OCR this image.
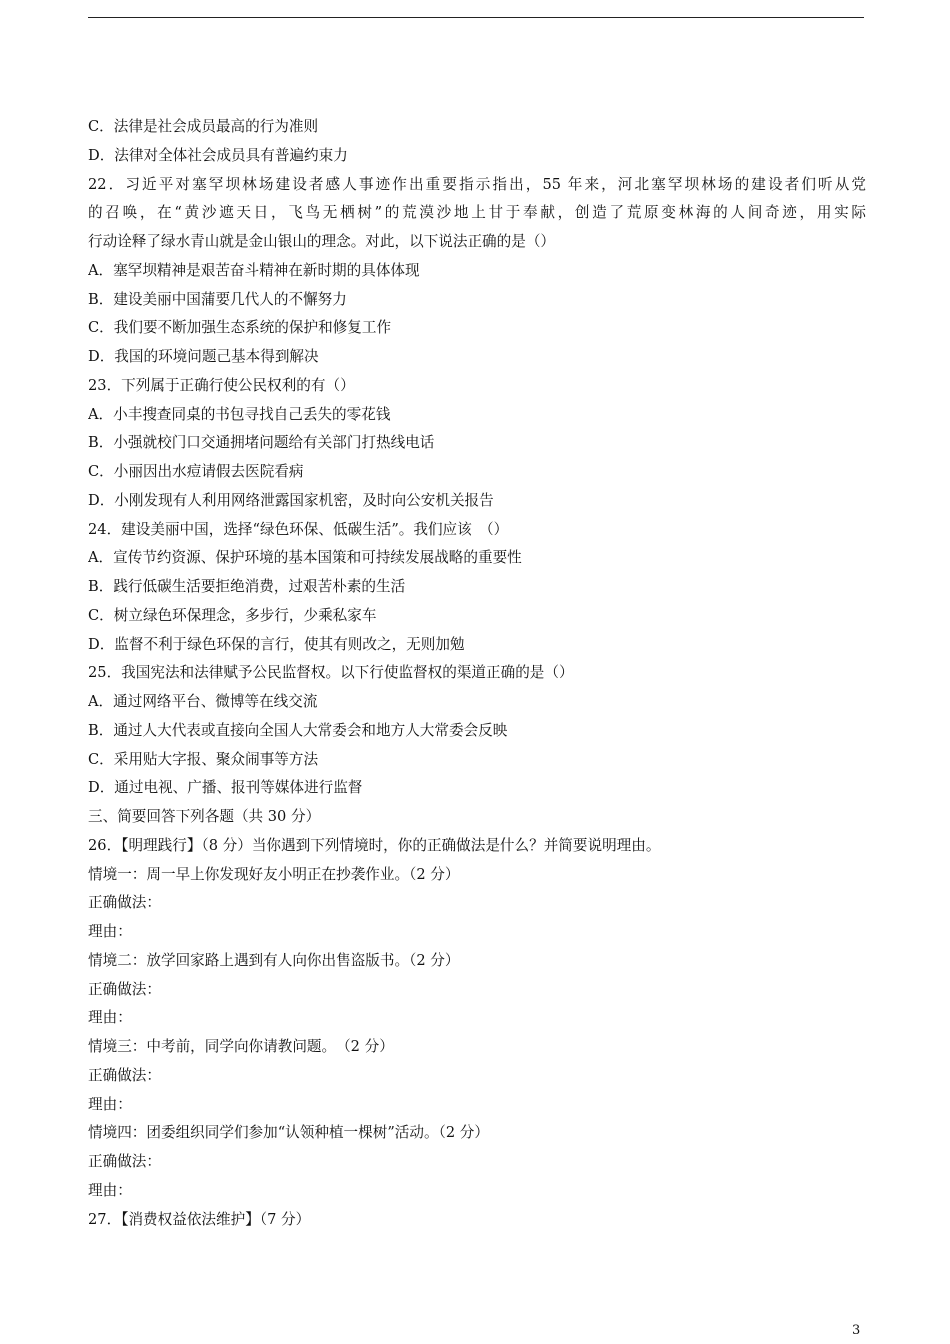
C．法律是社会成员最高的行为准则
D．法律对全体社会成员具有普遍约束力
22．习近平对塞罕坝林场建设者感人事迹作出重要指示指出，55 年来，河北塞罕坝林场的建设者们听从党
的召唤，在“黄沙遮天日，飞鸟无栖树”的荒漠沙地上甘于奉献，创造了荒原变林海的人间奇迹，用实际
行动诠释了绿水青山就是金山银山的理念。对此，以下说法正确的是（）
A．塞罕坝精神是艰苦奋斗精神在新时期的具体体现
B．建设美丽中国蒲要几代人的不懈努力
C．我们要不断加强生态系统的保护和修复工作
D．我国的环境问题己基本得到解决
23．下列属于正确行使公民权利的有（）
A．小丰搜查同桌的书包寻找自己丢失的零花钱
B．小强就校门口交通拥堵问题给有关部门打热线电话
C．小丽因出水痘请假去医院看病
D．小刚发现有人利用网络泄露国家机密，及时向公安机关报告
24．建设美丽中国，选择“绿色环保、低碳生活”。我们应该　（）
A．宣传节约资源、保护环境的基本国策和可持续发展战略的重要性
B．践行低碳生活要拒绝消费，过艰苦朴素的生活
C．树立绿色环保理念，多步行，少乘私家车
D．监督不利于绿色环保的言行，使其有则改之，无则加勉
25．我国宪法和法律赋予公民监督权。以下行使监督权的渠道正确的是（）
A．通过网络平台、微博等在线交流
B．通过人大代表或直接向全国人大常委会和地方人大常委会反映
C．采用贴大字报、聚众闹事等方法
D．通过电视、广播、报刊等媒体进行监督
三、简要回答下列各题（共 30 分）
26．【明理践行】（8 分）当你遇到下列情境时，你的正确做法是什么？并简要说明理由。
情境一：周一早上你发现好友小明正在抄袭作业。（2 分）
正确做法：
理由：
情境二：放学回家路上遇到有人向你出售盗版书。（2 分）
正确做法：
理由：
情境三：中考前，同学向你请教问题。　（2 分）
正确做法：
理由：
情境四：团委组织同学们参加“认领种植一棵树”活动。（2 分）
正确做法：
理由：
27．【消费权益依法维护】（7 分）
3
